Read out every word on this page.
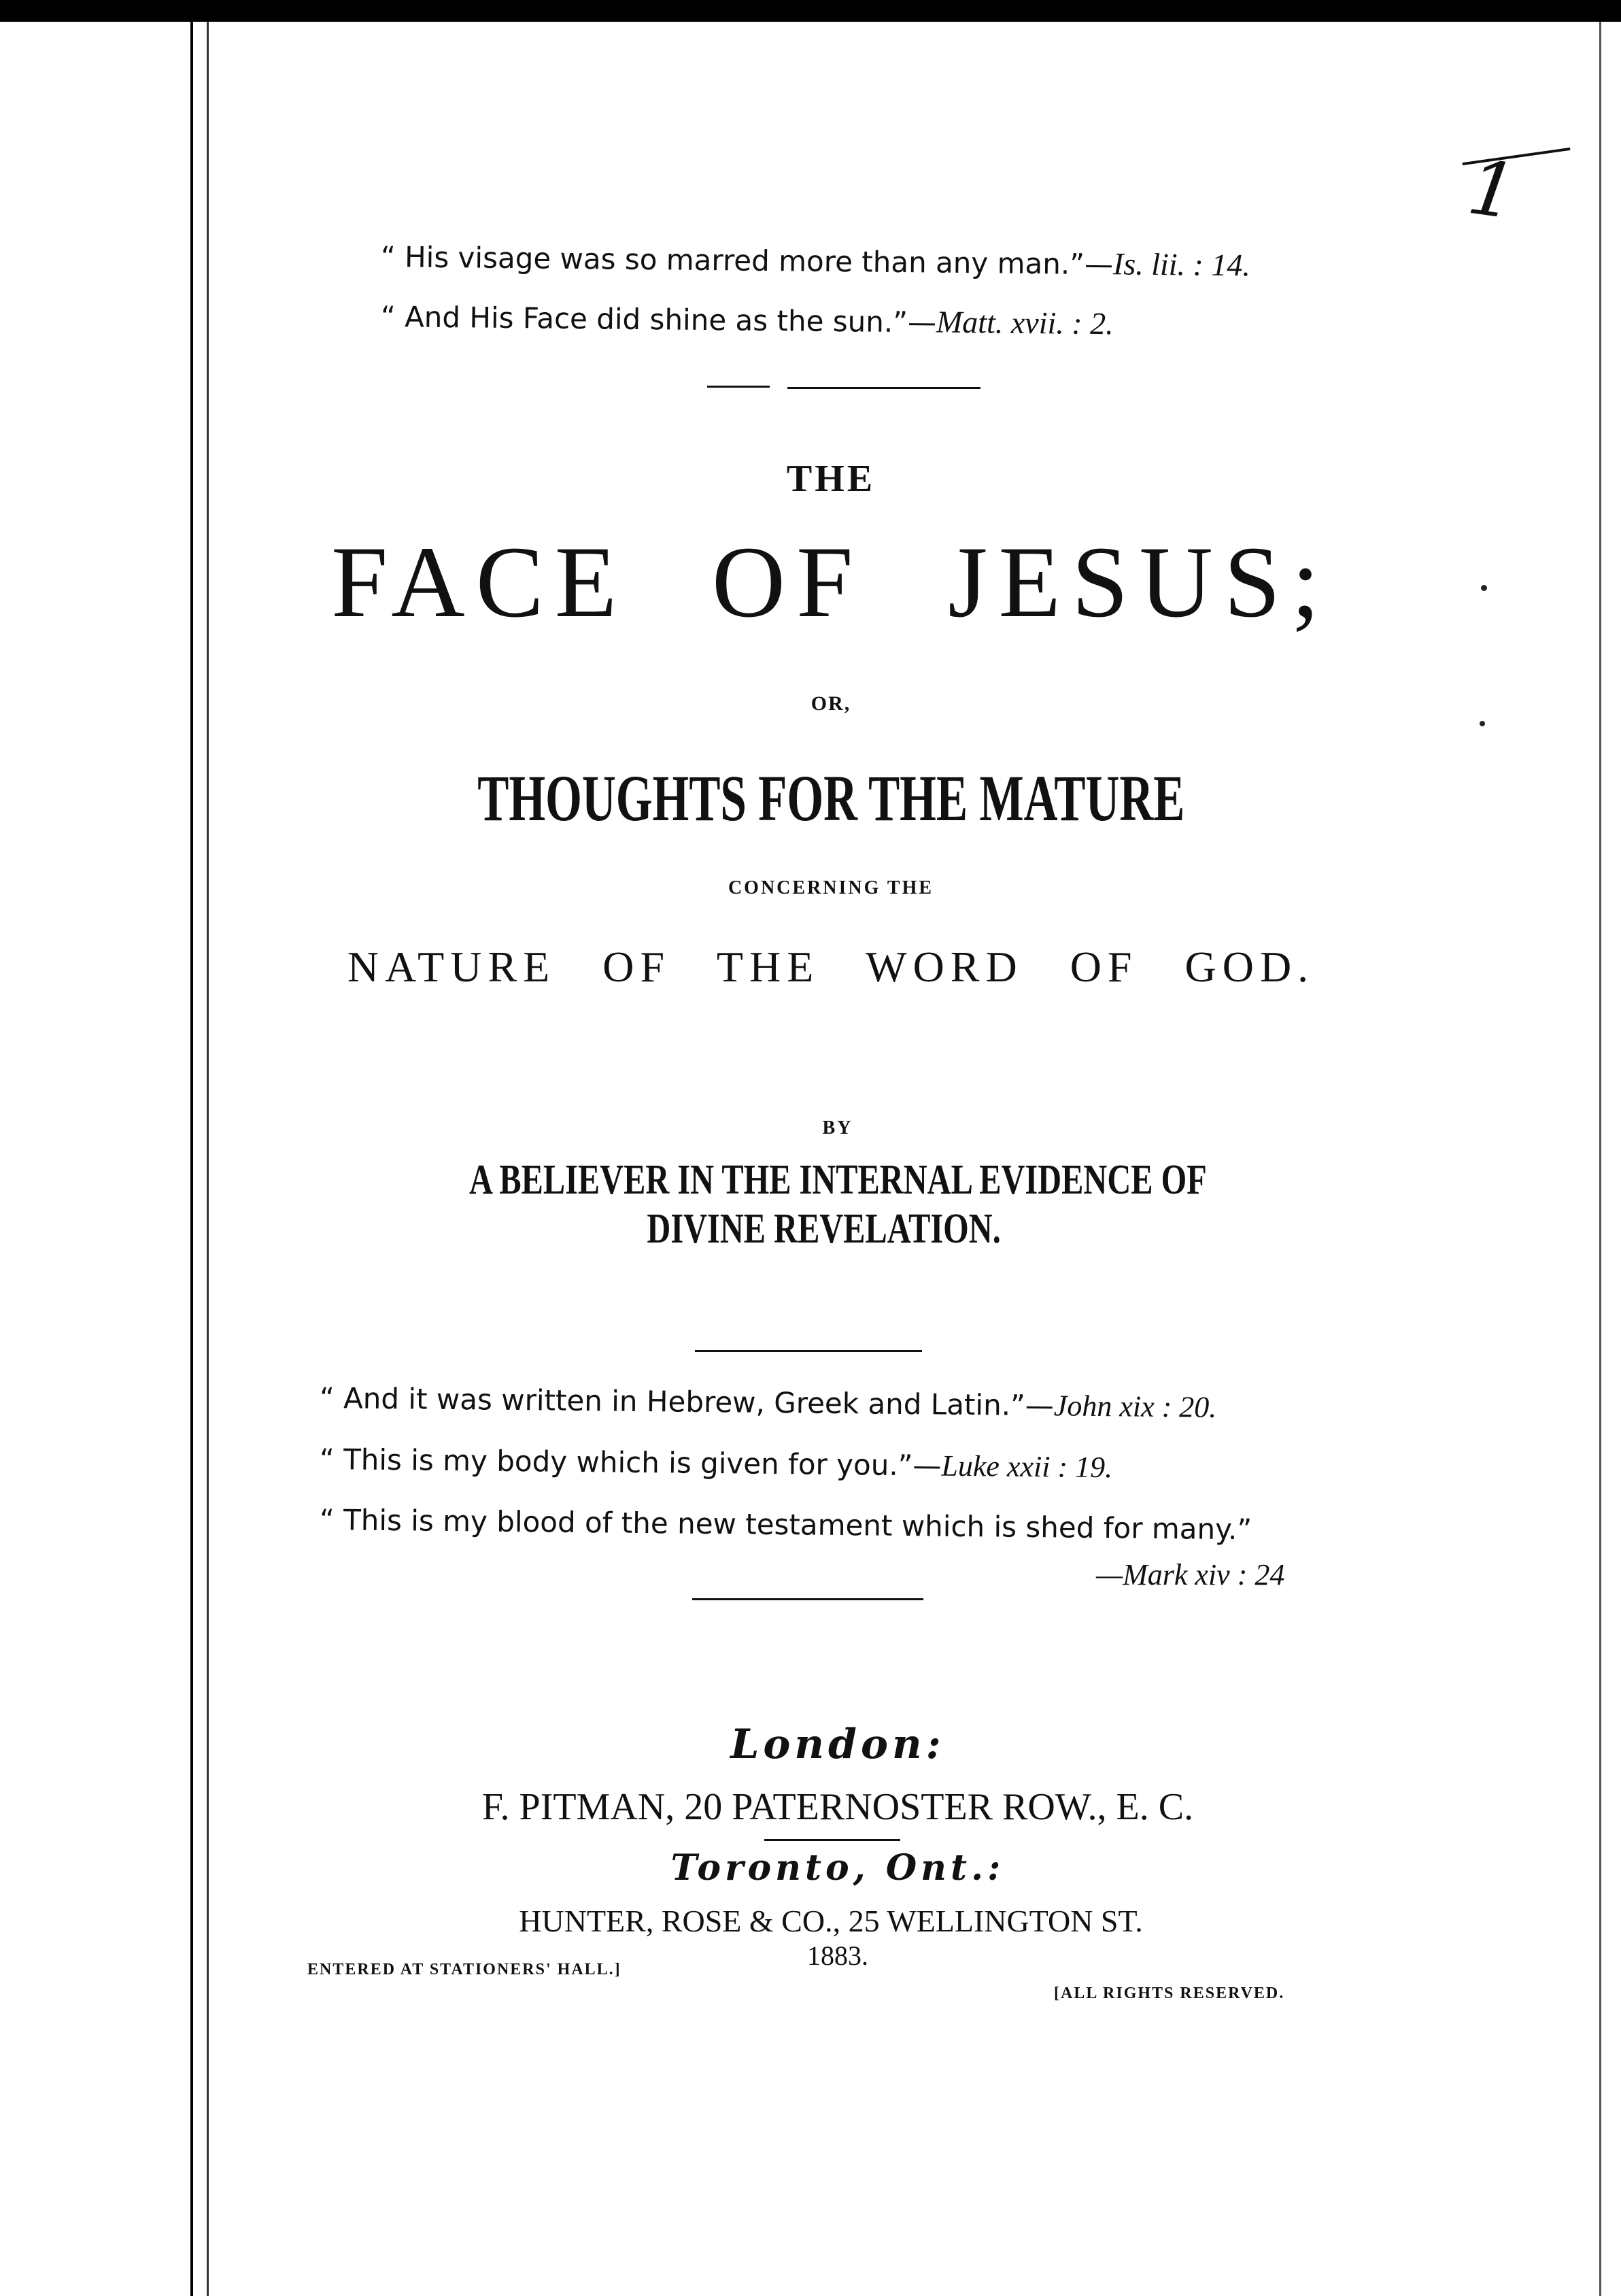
1
“ His visage was so marred more than any man.”—Is. lii. : 14.
“ And His Face did shine as the sun.”—Matt. xvii. : 2.
THE
FACE OF JESUS;
OR,
THOUGHTS FOR THE MATURE
CONCERNING THE
NATURE OF THE WORD OF GOD.
BY
A BELIEVER IN THE INTERNAL EVIDENCE OF
DIVINE REVELATION.
“ And it was written in Hebrew, Greek and Latin.”—John xix : 20.
“ This is my body which is given for you.”—Luke xxii : 19.
“ This is my blood of the new testament which is shed for many.”
—Mark xiv : 24
London:
F. PITMAN, 20 PATERNOSTER ROW., E. C.
Toronto, Ont.:
HUNTER, ROSE & CO., 25 WELLINGTON ST.
1883.
ENTERED AT STATIONERS' HALL.]
[ALL RIGHTS RESERVED.
